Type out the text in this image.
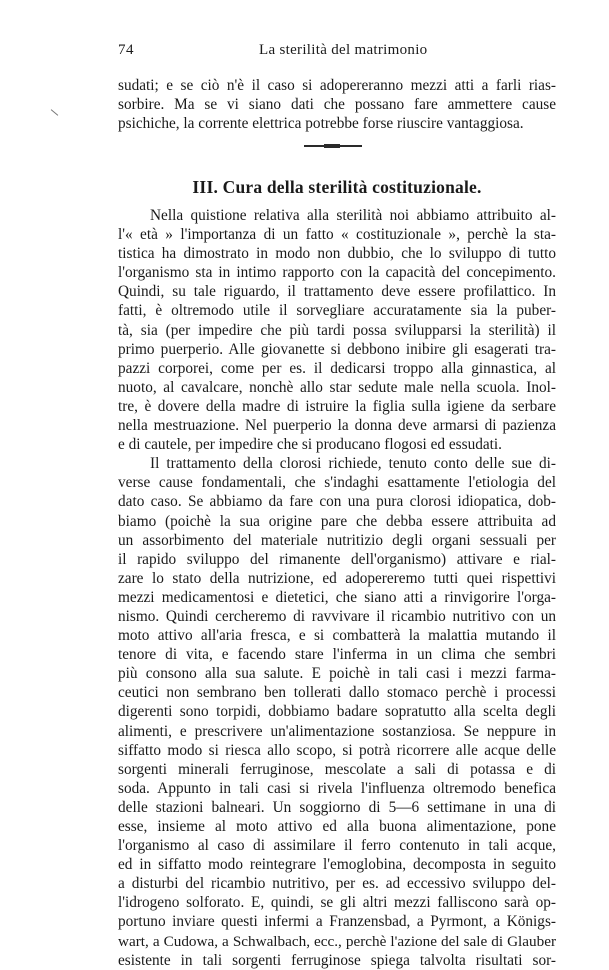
74	La sterilità del matrimonio
sudati; e se ciò n'è il caso si adopereranno mezzi atti a farli rias-
sorbire. Ma se vi siano dati che possano fare ammettere cause
psichiche, la corrente elettrica potrebbe forse riuscire vantaggiosa.
III. Cura della sterilità costituzionale.
Nella quistione relativa alla sterilità noi abbiamo attribuito al-
l'« età » l'importanza di un fatto « costituzionale », perchè la sta-
tistica ha dimostrato in modo non dubbio, che lo sviluppo di tutto
l'organismo sta in intimo rapporto con la capacità del concepimento.
Quindi, su tale riguardo, il trattamento deve essere profilattico. In
fatti, è oltremodo utile il sorvegliare accuratamente sia la puber-
tà, sia (per impedire che più tardi possa svilupparsi la sterilità) il
primo puerperio. Alle giovanette si debbono inibire gli esagerati tra-
pazzi corporei, come per es. il dedicarsi troppo alla ginnastica, al
nuoto, al cavalcare, nonchè allo star sedute male nella scuola. Inol-
tre, è dovere della madre di istruire la figlia sulla igiene da serbare
nella mestruazione. Nel puerperio la donna deve armarsi di pazienza
e di cautele, per impedire che si producano flogosi ed essudati.
Il trattamento della clorosi richiede, tenuto conto delle sue di-
verse cause fondamentali, che s'indaghi esattamente l'etiologia del
dato caso. Se abbiamo da fare con una pura clorosi idiopatica, dob-
biamo (poichè la sua origine pare che debba essere attribuita ad
un assorbimento del materiale nutritizio degli organi sessuali per
il rapido sviluppo del rimanente dell'organismo) attivare e rial-
zare lo stato della nutrizione, ed adopereremo tutti quei rispettivi
mezzi medicamentosi e dietetici, che siano atti a rinvigorire l'orga-
nismo. Quindi cercheremo di ravvivare il ricambio nutritivo con un
moto attivo all'aria fresca, e si combatterà la malattia mutando il
tenore di vita, e facendo stare l'inferma in un clima che sembri
più consono alla sua salute. E poichè in tali casi i mezzi farma-
ceutici non sembrano ben tollerati dallo stomaco perchè i processi
digerenti sono torpidi, dobbiamo badare sopratutto alla scelta degli
alimenti, e prescrivere un'alimentazione sostanziosa. Se neppure in
siffatto modo si riesca allo scopo, si potrà ricorrere alle acque delle
sorgenti minerali ferruginose, mescolate a sali di potassa e di
soda. Appunto in tali casi si rivela l'influenza oltremodo benefica
delle stazioni balneari. Un soggiorno di 5—6 settimane in una di
esse, insieme al moto attivo ed alla buona alimentazione, pone
l'organismo al caso di assimilare il ferro contenuto in tali acque,
ed in siffatto modo reintegrare l'emoglobina, decomposta in seguito
a disturbi del ricambio nutritivo, per es. ad eccessivo sviluppo del-
l'idrogeno solforato. E, quindi, se gli altri mezzi falliscono sarà op-
portuno inviare questi infermi a Franzensbad, a Pyrmont, a Königs-
wart, a Cudowa, a Schwalbach, ecc., perchè l'azione del sale di Glauber
esistente in tali sorgenti ferruginose spiega talvolta risultati sor-
